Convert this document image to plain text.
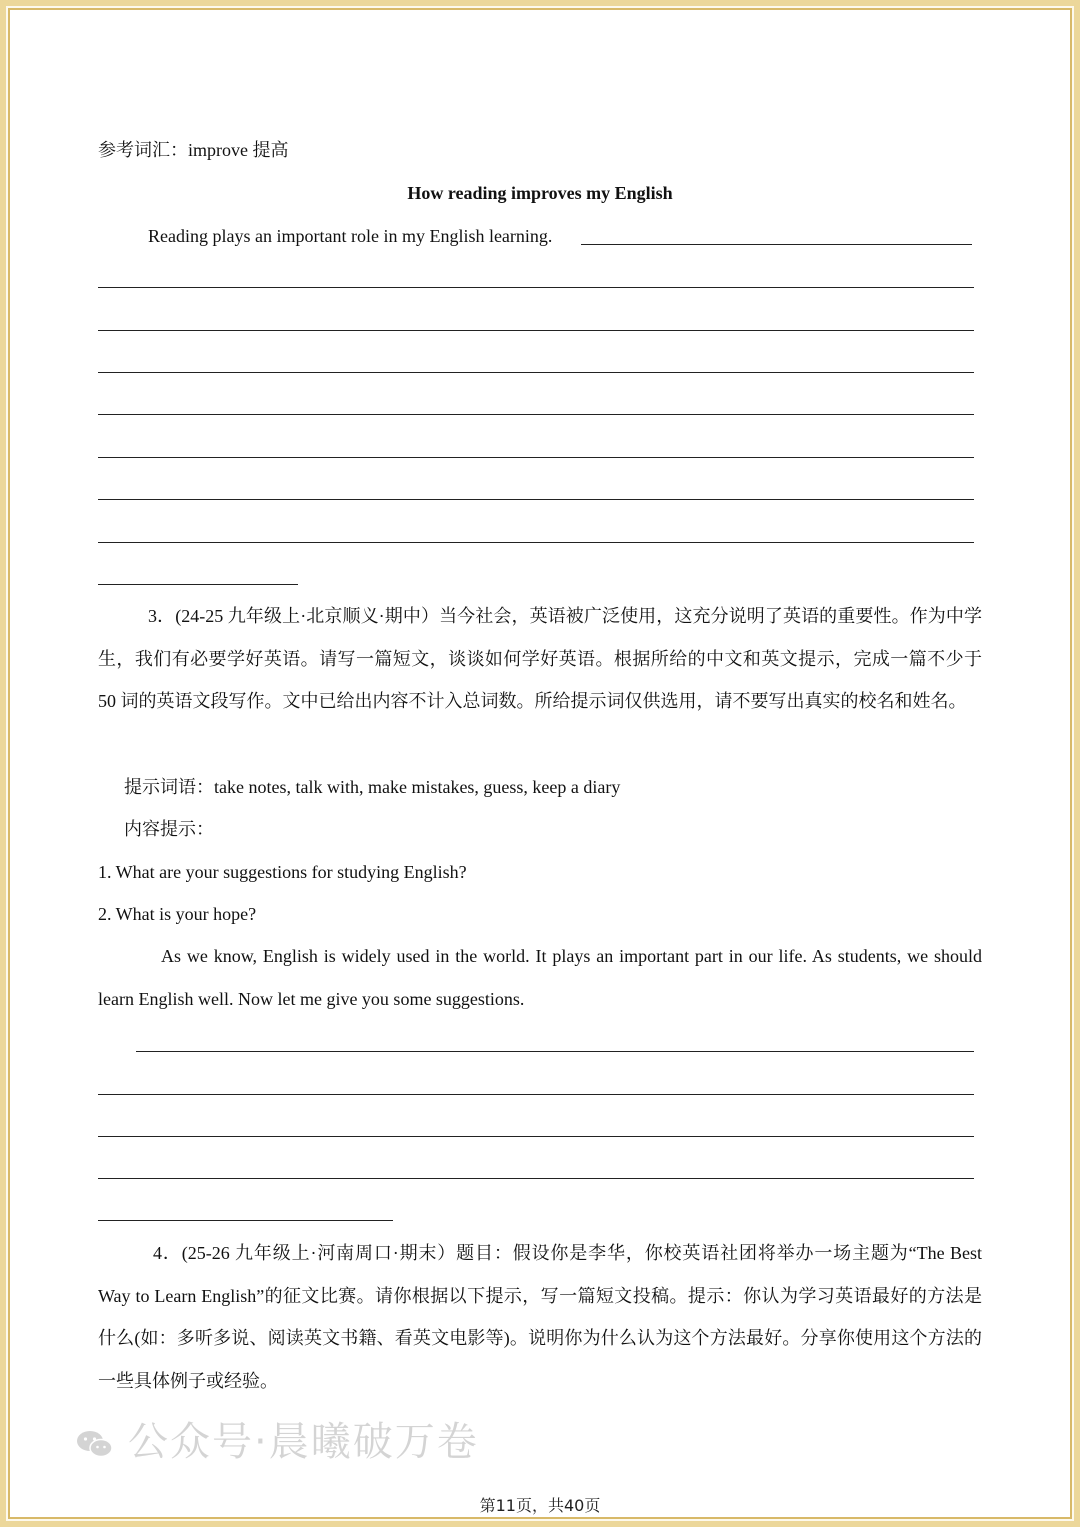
参考词汇：improve 提高
How reading improves my English
Reading plays an important role in my English learning.
3．(24-25 九年级上·北京顺义·期中）当今社会，英语被广泛使用，这充分说明了英语的重要性。作为中学生，我们有必要学好英语。请写一篇短文，谈谈如何学好英语。根据所给的中文和英文提示，完成一篇不少于 50 词的英语文段写作。文中已给出内容不计入总词数。所给提示词仅供选用，请不要写出真实的校名和姓名。
提示词语：take notes, talk with, make mistakes, guess, keep a diary
内容提示：
1. What are your suggestions for studying English?
2. What is your hope?
As we know, English is widely used in the world. It plays an important part in our life. As students, we should learn English well. Now let me give you some suggestions.
4．(25-26 九年级上·河南周口·期末）题目：假设你是李华，你校英语社团将举办一场主题为“The Best Way to Learn English”的征文比赛。请你根据以下提示，写一篇短文投稿。提示：你认为学习英语最好的方法是什么(如：多听多说、阅读英文书籍、看英文电影等)。说明你为什么认为这个方法最好。分享你使用这个方法的一些具体例子或经验。
公众号·晨曦破万卷
第11页，共40页
